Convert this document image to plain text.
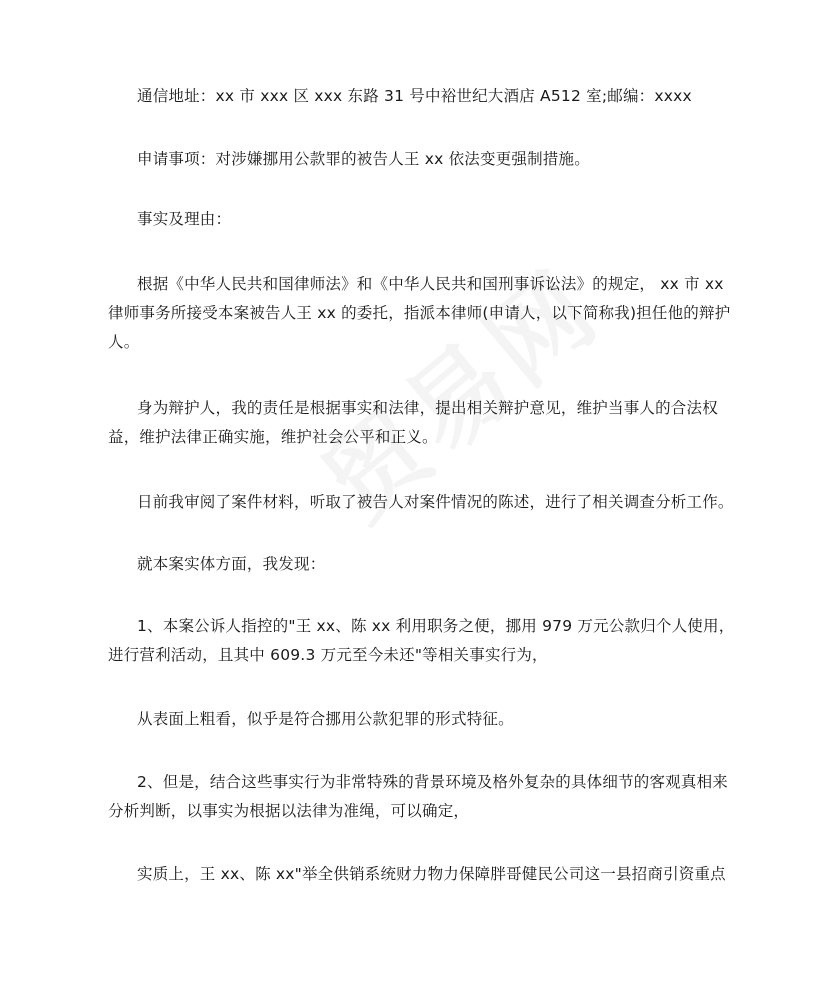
通信地址：xx 市 xxx 区 xxx 东路 31 号中裕世纪大酒店 A512 室;邮编：xxxx

申请事项：对涉嫌挪用公款罪的被告人王 xx 依法变更强制措施。

事实及理由：

根据《中华人民共和国律师法》和《中华人民共和国刑事诉讼法》的规定， xx 市 xx
律师事务所接受本案被告人王 xx 的委托，指派本律师(申请人，以下简称我)担任他的辩护
人。

身为辩护人，我的责任是根据事实和法律，提出相关辩护意见，维护当事人的合法权
益，维护法律正确实施，维护社会公平和正义。

日前我审阅了案件材料，听取了被告人对案件情况的陈述，进行了相关调查分析工作。

就本案实体方面，我发现：

1、本案公诉人指控的"王 xx、陈 xx 利用职务之便，挪用 979 万元公款归个人使用，
进行营利活动，且其中 609.3 万元至今未还"等相关事实行为，

从表面上粗看，似乎是符合挪用公款犯罪的形式特征。

2、但是，结合这些事实行为非常特殊的背景环境及格外复杂的具体细节的客观真相来
分析判断，以事实为根据以法律为准绳，可以确定，

实质上，王 xx、陈 xx"举全供销系统财力物力保障胖哥健民公司这一县招商引资重点
